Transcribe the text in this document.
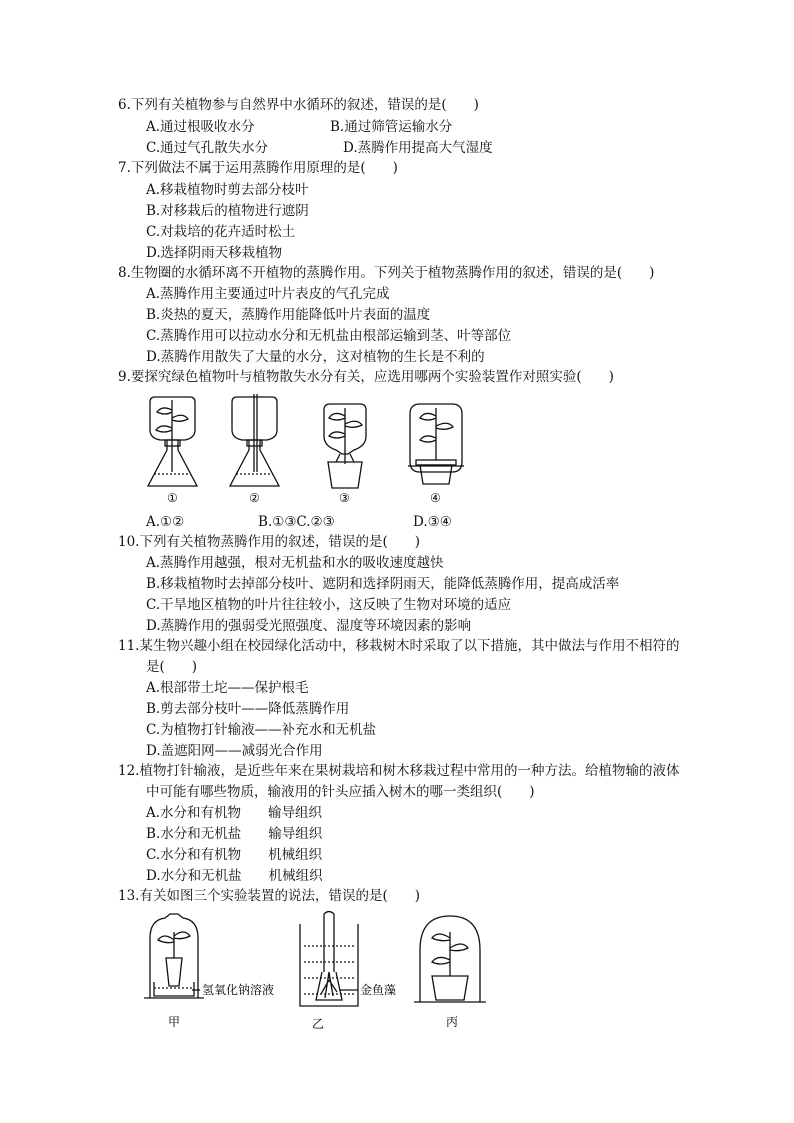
6.下列有关植物参与自然界中水循环的叙述，错误的是(　　)
A.通过根吸收水分	B.通过筛管运输水分
C.通过气孔散失水分	D.蒸腾作用提高大气湿度
7.下列做法不属于运用蒸腾作用原理的是(　　)
A.移栽植物时剪去部分枝叶
B.对移栽后的植物进行遮阴
C.对栽培的花卉适时松土
D.选择阴雨天移栽植物
8.生物圈的水循环离不开植物的蒸腾作用。下列关于植物蒸腾作用的叙述，错误的是(　　)
A.蒸腾作用主要通过叶片表皮的气孔完成
B.炎热的夏天，蒸腾作用能降低叶片表面的温度
C.蒸腾作用可以拉动水分和无机盐由根部运输到茎、叶等部位
D.蒸腾作用散失了大量的水分，这对植物的生长是不利的
9.要探究绿色植物叶与植物散失水分有关，应选用哪两个实验装置作对照实验(　　)
①	②	③	④
A.①②	B.①③C.②③	D.③④
10.下列有关植物蒸腾作用的叙述，错误的是(　　)
A.蒸腾作用越强，根对无机盐和水的吸收速度越快
B.移栽植物时去掉部分枝叶、遮阴和选择阴雨天，能降低蒸腾作用，提高成活率
C.干旱地区植物的叶片往往较小，这反映了生物对环境的适应
D.蒸腾作用的强弱受光照强度、湿度等环境因素的影响
11.某生物兴趣小组在校园绿化活动中，移栽树木时采取了以下措施，其中做法与作用不相符的
是(　　)
A.根部带土坨——保护根毛
B.剪去部分枝叶——降低蒸腾作用
C.为植物打针输液——补充水和无机盐
D.盖遮阳网——减弱光合作用
12.植物打针输液，是近些年来在果树栽培和树木移栽过程中常用的一种方法。给植物输的液体
中可能有哪些物质，输液用的针头应插入树木的哪一类组织(　　)
A.水分和有机物　　输导组织
B.水分和无机盐　　输导组织
C.水分和有机物　　机械组织
D.水分和无机盐　　机械组织
13.有关如图三个实验装置的说法，错误的是(　　)
氢氧化钠溶液	金鱼藻
甲	乙	丙
